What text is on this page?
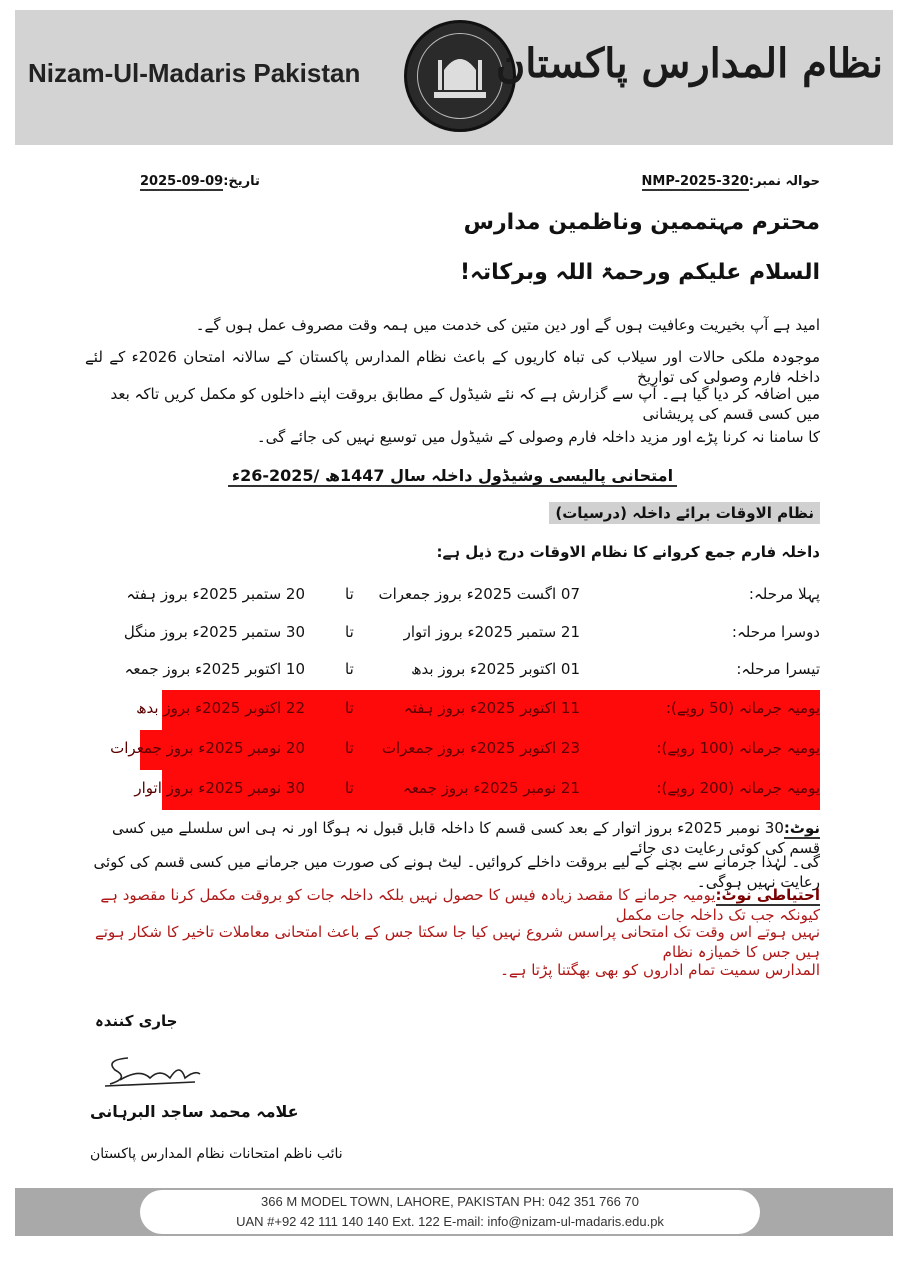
Nizam-Ul-Madaris Pakistan	نظام المدارس پاکستان
حوالہ نمبر:320-NMP-2025
تاریخ:09-09-2025
محترم مہتممین وناظمین مدارس
السلام علیکم ورحمۃ اللہ وبرکاتہ!
امید ہے آپ بخیریت وعافیت ہوں گے اور دین متین کی خدمت میں ہمہ وقت مصروف عمل ہوں گے۔
موجودہ ملکی حالات اور سیلاب کی تباہ کاریوں کے باعث نظام المدارس پاکستان کے سالانہ امتحان 2026ء کے لئے داخلہ فارم وصولی کی تواریخ
میں اضافہ کر دیا گیا ہے۔ آپ سے گزارش ہے کہ نئے شیڈول کے مطابق بروقت اپنے داخلوں کو مکمل کریں تاکہ بعد میں کسی قسم کی پریشانی
کا سامنا نہ کرنا پڑے اور مزید داخلہ فارم وصولی کے شیڈول میں توسیع نہیں کی جائے گی۔
امتحانی پالیسی وشیڈول داخلہ سال 1447ھ /2025-26ء
نظام الاوقات برائے داخلہ (درسیات)
داخلہ فارم جمع کروانے کا نظام الاوقات درج ذیل ہے:
پہلا مرحلہ:
07 اگست 2025ء بروز جمعرات
تا
20 ستمبر 2025ء بروز ہفتہ
دوسرا مرحلہ:
21 ستمبر 2025ء بروز اتوار
تا
30 ستمبر 2025ء بروز منگل
تیسرا مرحلہ:
01 اکتوبر 2025ء بروز بدھ
تا
10 اکتوبر 2025ء بروز جمعہ
یومیہ جرمانہ (50 روپے):
11 اکتوبر 2025ء بروز ہفتہ
تا
22 اکتوبر 2025ء بروز بدھ
یومیہ جرمانہ (100 روپے):
23 اکتوبر 2025ء بروز جمعرات
تا
20 نومبر 2025ء بروز جمعرات
یومیہ جرمانہ (200 روپے):
21 نومبر 2025ء بروز جمعہ
تا
30 نومبر 2025ء بروز اتوار
نوٹ:30 نومبر 2025ء بروز اتوار کے بعد کسی قسم کا داخلہ قابل قبول نہ ہوگا اور نہ ہی اس سلسلے میں کسی قسم کی کوئی رعایت دی جائے
گی۔ لہٰذا جرمانے سے بچنے کے لیے بروقت داخلے کروائیں۔ لیٹ ہونے کی صورت میں جرمانے میں کسی قسم کی کوئی رعایت نہیں ہوگی۔
احتیاطی نوٹ:یومیہ جرمانے کا مقصد زیادہ فیس کا حصول نہیں بلکہ داخلہ جات کو بروقت مکمل کرنا مقصود ہے کیونکہ جب تک داخلہ جات مکمل
نہیں ہوتے اس وقت تک امتحانی پراسس شروع نہیں کیا جا سکتا جس کے باعث امتحانی معاملات تاخیر کا شکار ہوتے ہیں جس کا خمیازہ نظام
المدارس سمیت تمام اداروں کو بھی بھگتنا پڑتا ہے۔
جاری کنندہ
علامہ محمد ساجد البرہانی
نائب ناظم امتحانات نظام المدارس پاکستان
366 M MODEL TOWN, LAHORE, PAKISTAN PH: 042 351 766 70
UAN #+92 42 111 140 140 Ext. 122 E-mail: info@nizam-ul-madaris.edu.pk
